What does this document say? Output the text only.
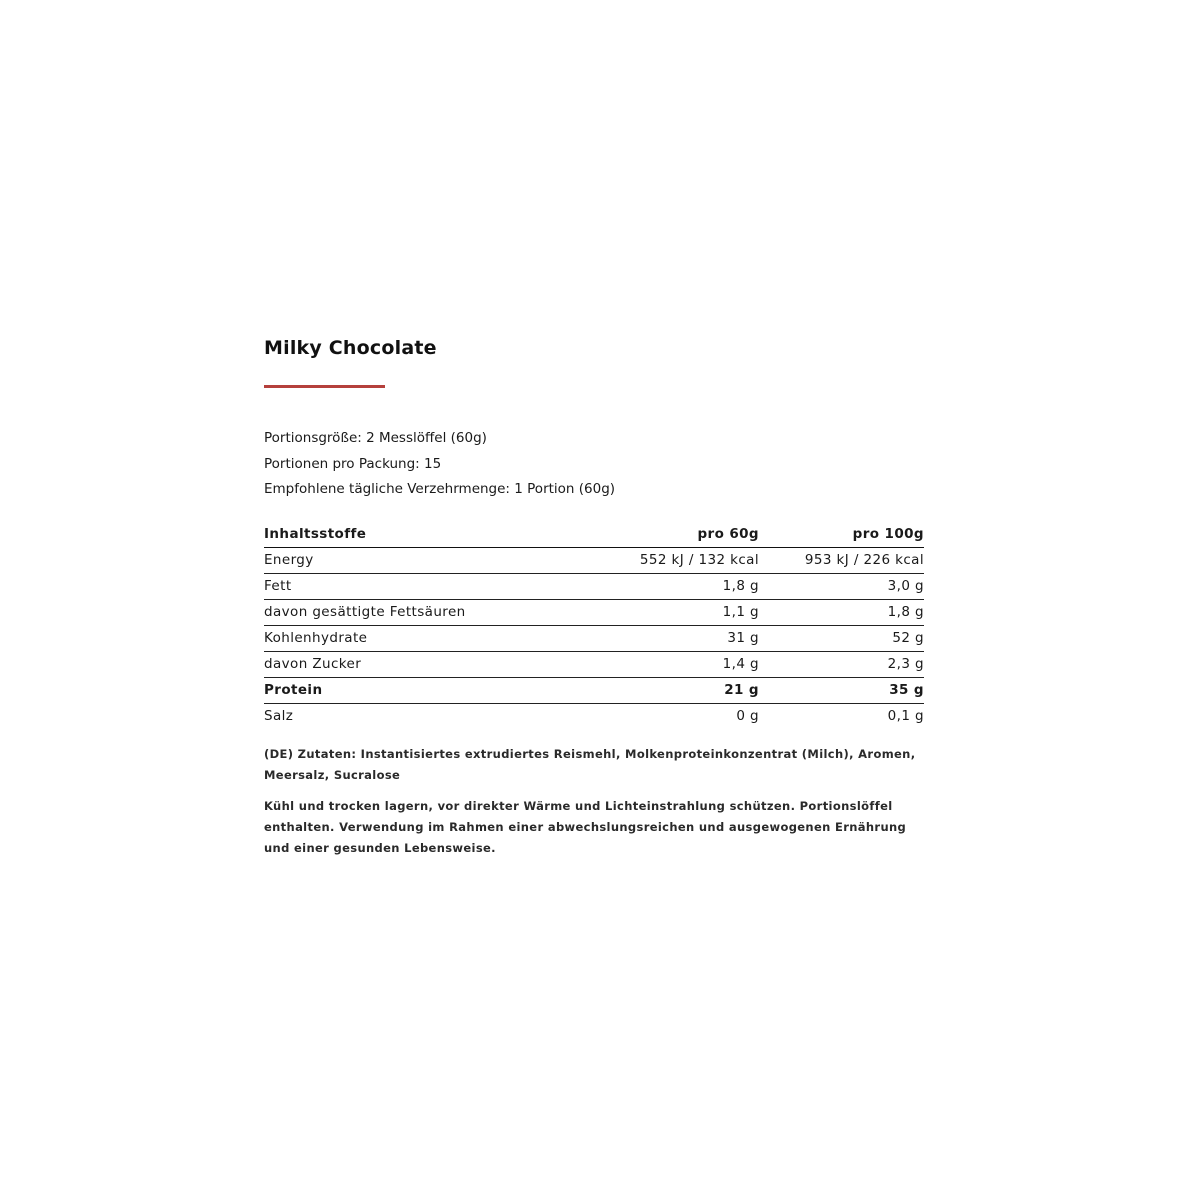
Milky Chocolate
Portionsgröße: 2 Messlöffel (60g)
Portionen pro Packung: 15
Empfohlene tägliche Verzehrmenge: 1 Portion (60g)
Inhaltsstoffe	pro 60g	pro 100g
Energy	552 kJ / 132 kcal	953 kJ / 226 kcal
Fett	1,8 g	3,0 g
davon gesättigte Fettsäuren	1,1 g	1,8 g
Kohlenhydrate	31 g	52 g
davon Zucker	1,4 g	2,3 g
Protein	21 g	35 g
Salz	0 g	0,1 g

(DE) Zutaten: Instantisiertes extrudiertes Reismehl, Molkenproteinkonzentrat (Milch), Aromen, Meersalz, Sucralose

Kühl und trocken lagern, vor direkter Wärme und Lichteinstrahlung schützen. Portionslöffel enthalten. Verwendung im Rahmen einer abwechslungsreichen und ausgewogenen Ernährung und einer gesunden Lebensweise.
